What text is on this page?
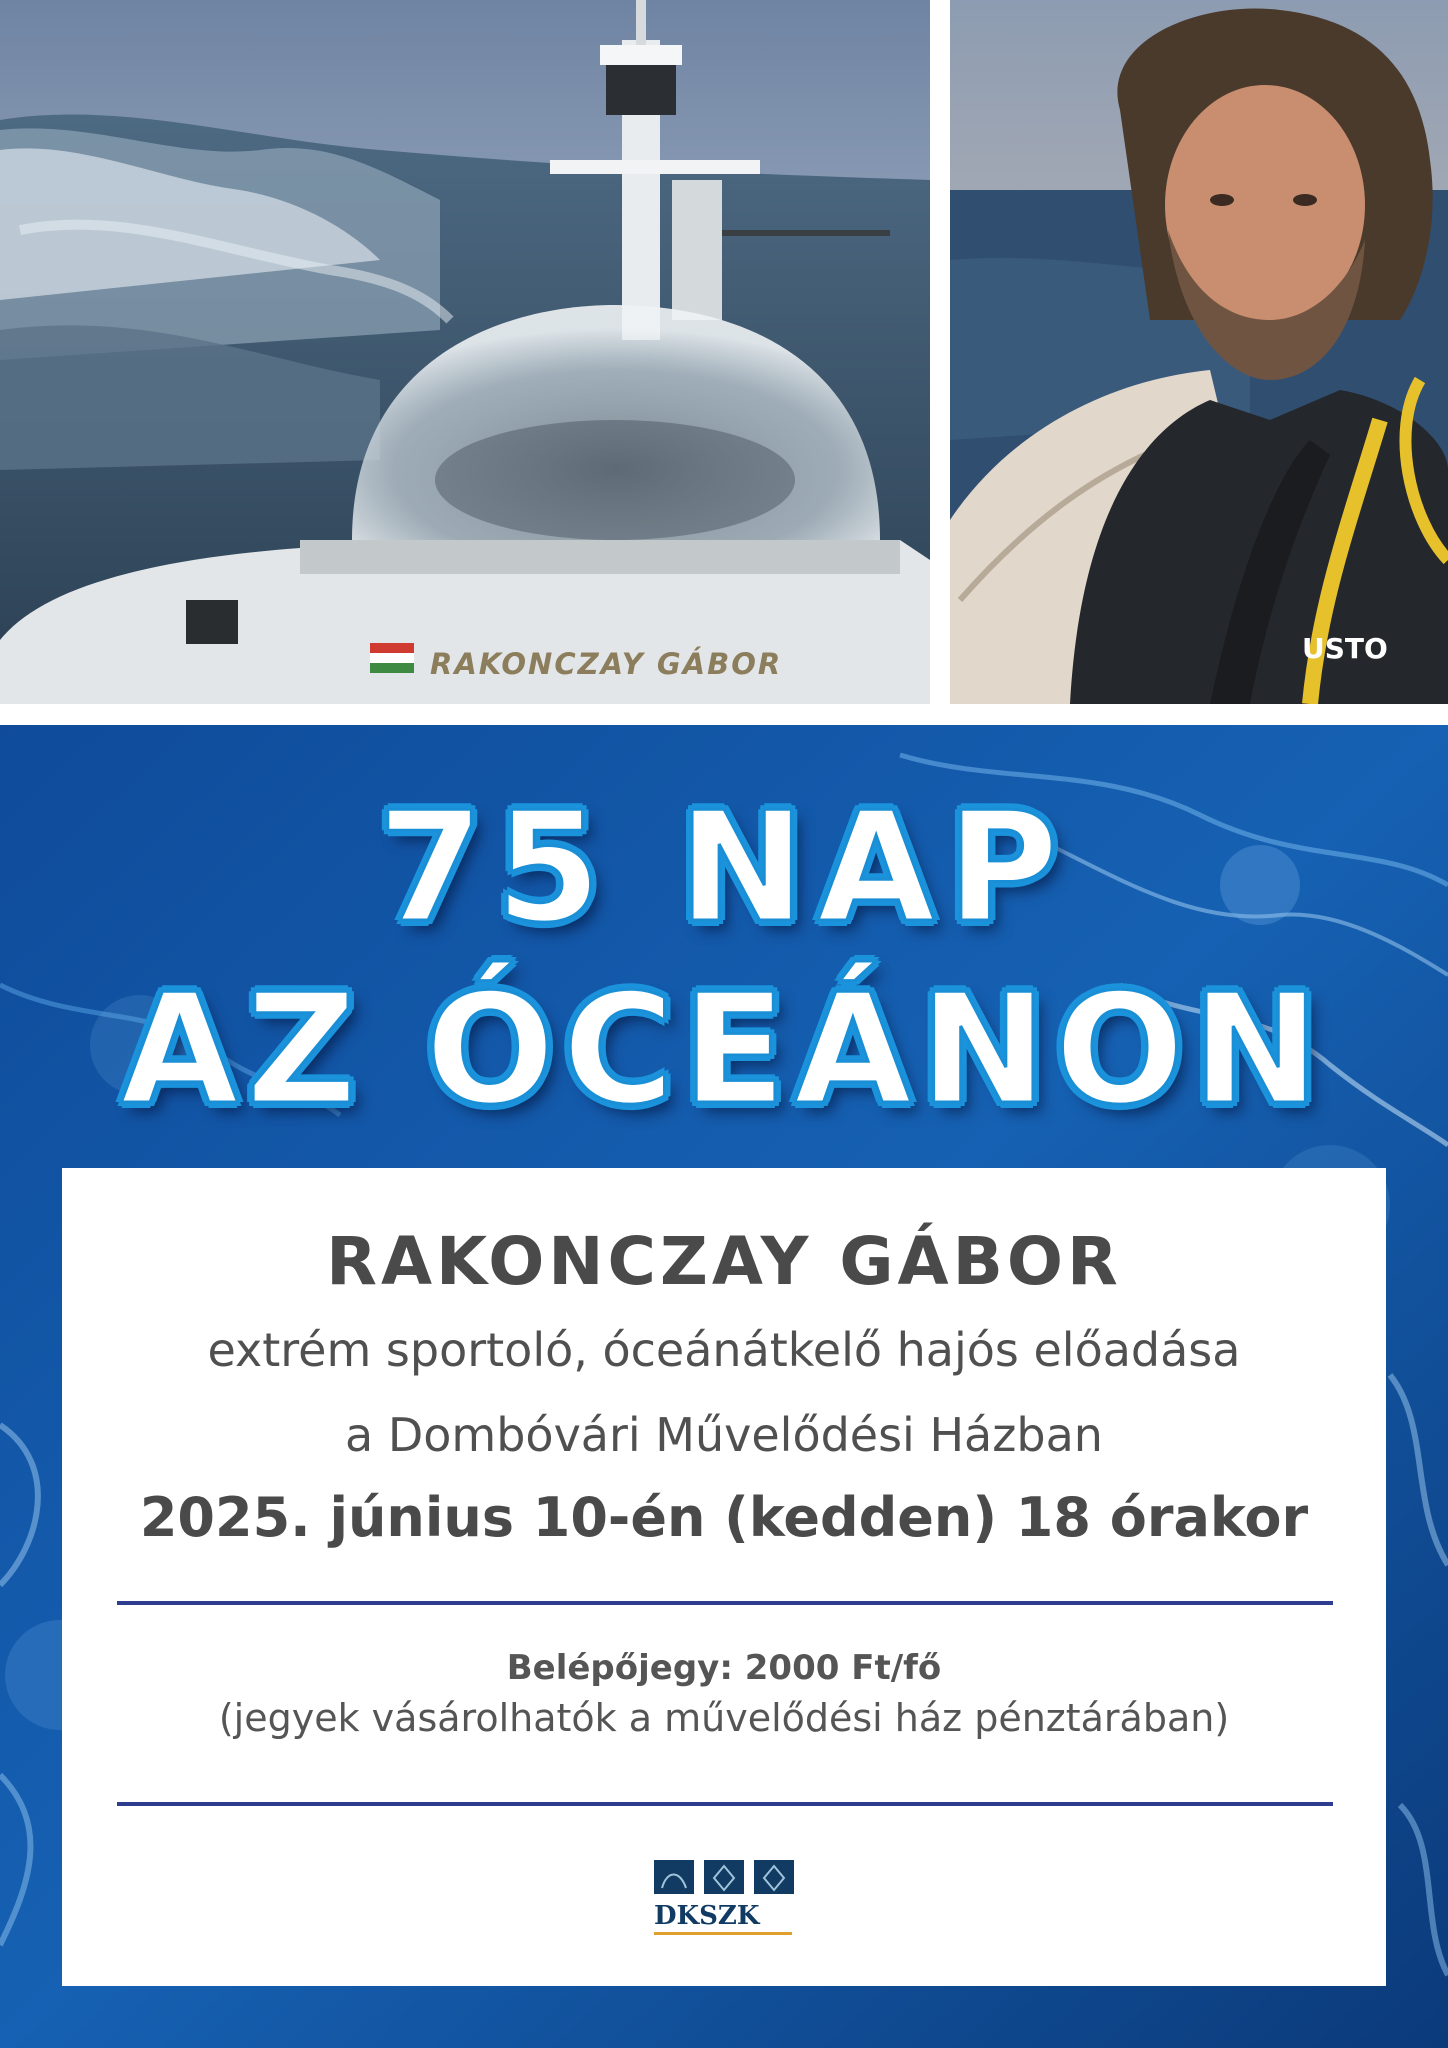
RAKONCZAY GÁBOR	USTO
75 NAP
AZ ÓCEÁNON
RAKONCZAY GÁBOR
extrém sportoló, óceánátkelő hajós előadása
a Dombóvári Művelődési Házban
2025. június 10-én (kedden) 18 órakor
Belépőjegy: 2000 Ft/fő
(jegyek vásárolhatók a művelődési ház pénztárában)
DKSZK
